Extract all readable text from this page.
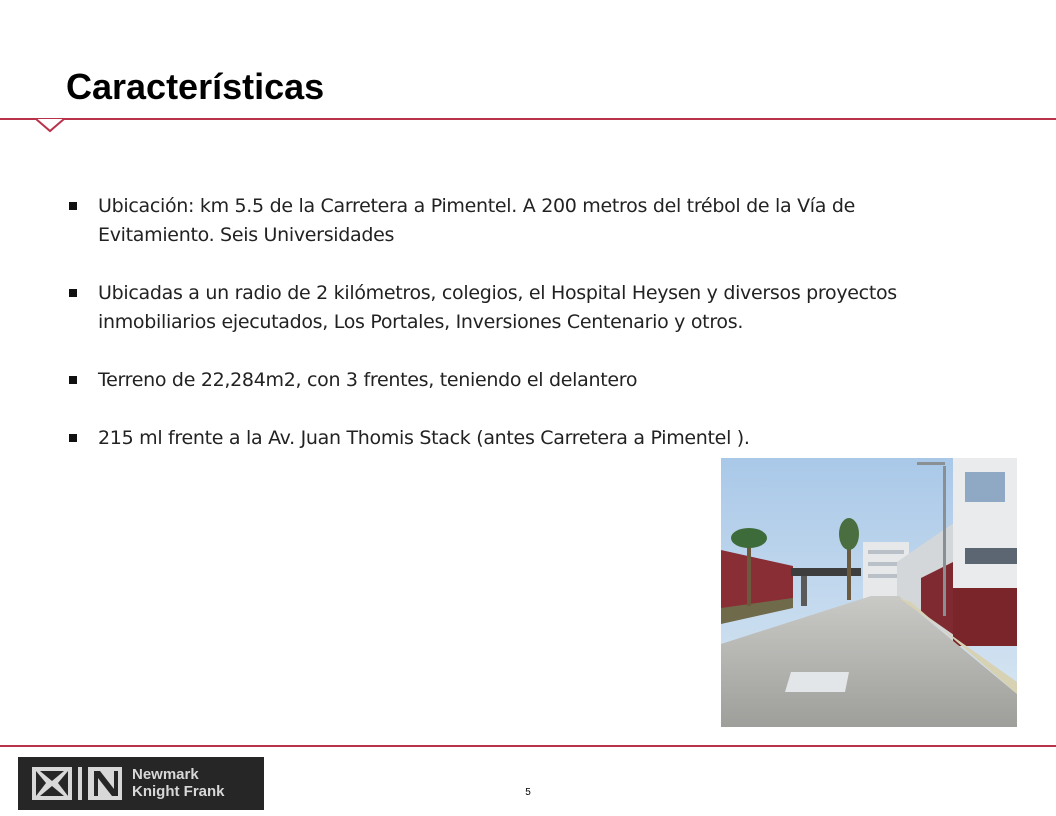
Características
Ubicación: km 5.5 de la Carretera a Pimentel. A 200 metros del trébol de la Vía de Evitamiento. Seis Universidades
Ubicadas a un radio de 2 kilómetros, colegios, el Hospital Heysen y diversos proyectos inmobiliarios ejecutados, Los Portales, Inversiones Centenario y otros.
Terreno de 22,284m2, con 3 frentes, teniendo el delantero
215 ml frente a la Av. Juan Thomis Stack (antes Carretera a Pimentel ).
Newmark
Knight Frank	5
